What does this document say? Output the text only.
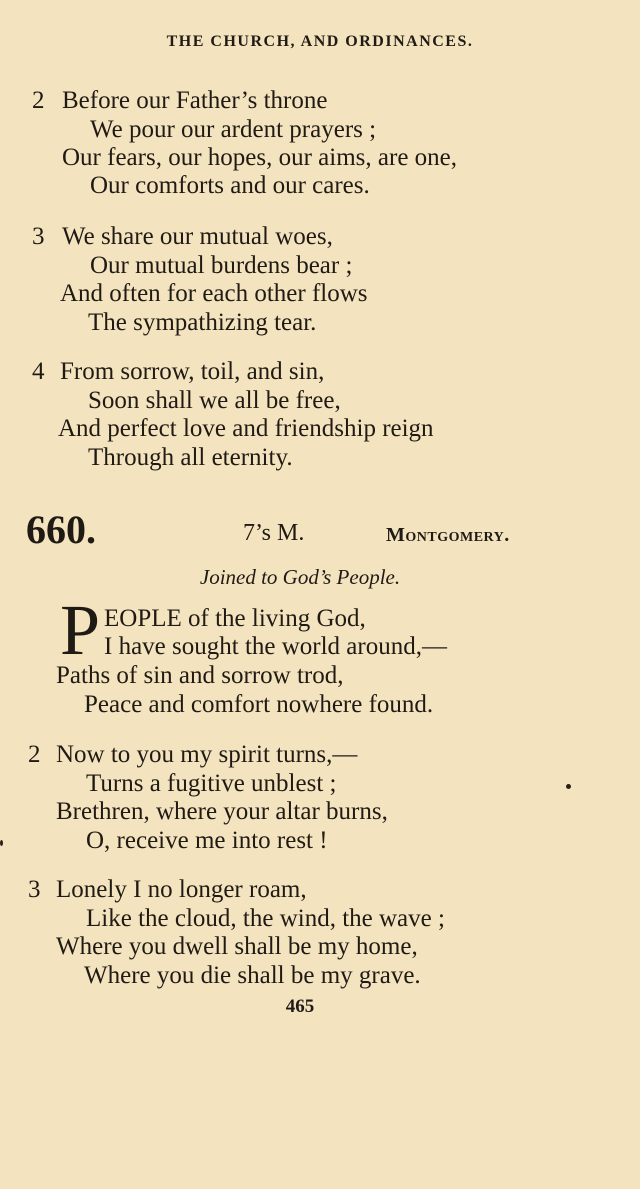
THE CHURCH, AND ORDINANCES.
2 Before our Father’s throne
We pour our ardent prayers ;
Our fears, our hopes, our aims, are one,
Our comforts and our cares.
3 We share our mutual woes,
Our mutual burdens bear ;
And often for each other flows
The sympathizing tear.
4 From sorrow, toil, and sin,
Soon shall we all be free,
And perfect love and friendship reign
Through all eternity.
660.	7’s M.	Montgomery.
Joined to God’s People.
P EOPLE of the living God,
I have sought the world around,—
Paths of sin and sorrow trod,
Peace and comfort nowhere found.
2 Now to you my spirit turns,—
Turns a fugitive unblest ;
Brethren, where your altar burns,
O, receive me into rest !
3 Lonely I no longer roam,
Like the cloud, the wind, the wave ;
Where you dwell shall be my home,
Where you die shall be my grave.
465
